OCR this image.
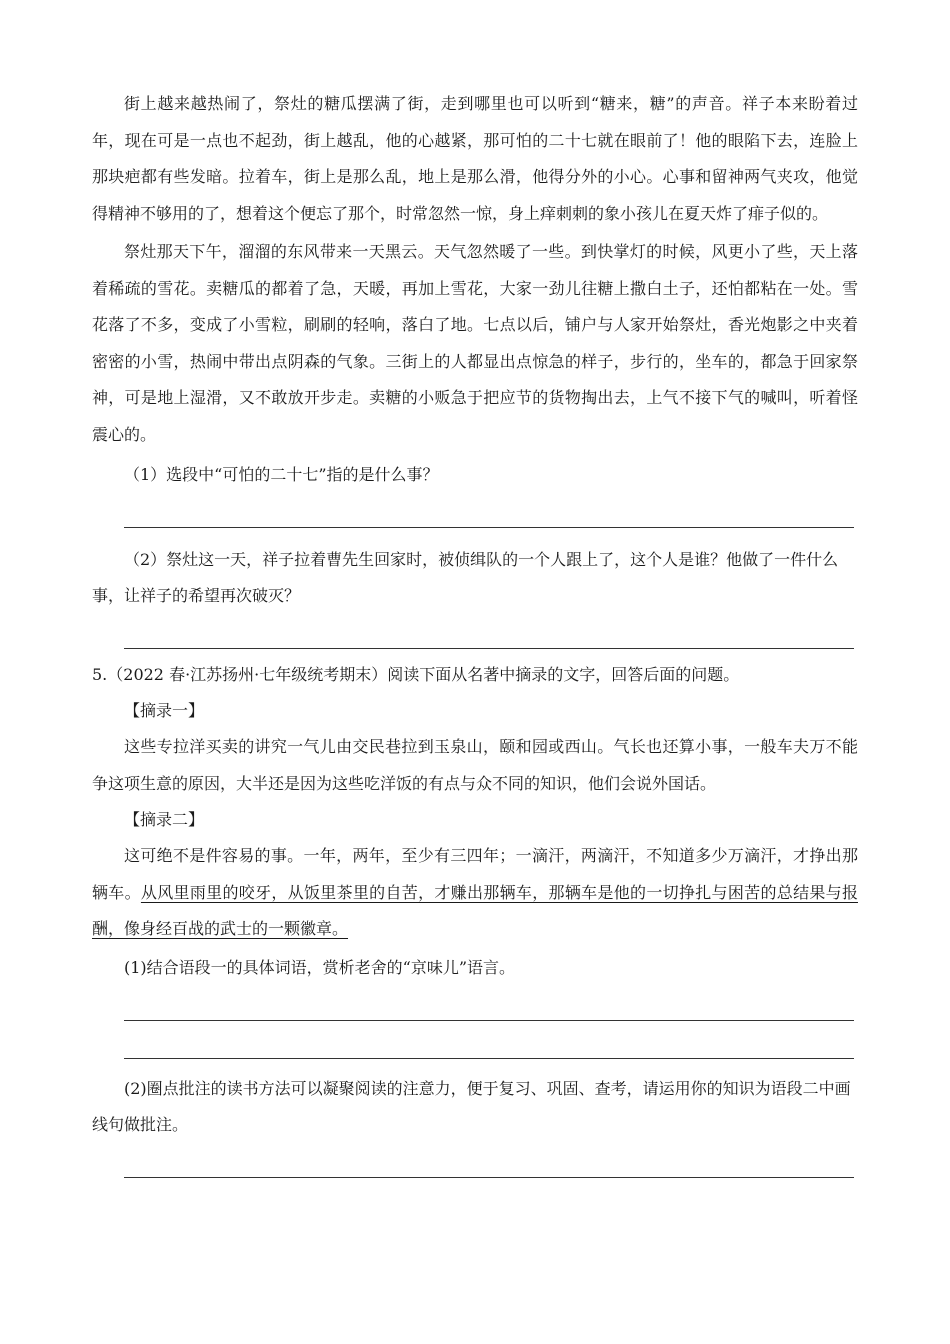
街上越来越热闹了，祭灶的糖瓜摆满了街，走到哪里也可以听到“糖来，糖”的声音。祥子本来盼着过年，现在可是一点也不起劲，街上越乱，他的心越紧，那可怕的二十七就在眼前了！他的眼陷下去，连脸上那块疤都有些发暗。拉着车，街上是那么乱，地上是那么滑，他得分外的小心。心事和留神两气夹攻，他觉得精神不够用的了，想着这个便忘了那个，时常忽然一惊，身上痒刺刺的象小孩儿在夏天炸了痱子似的。

祭灶那天下午，溜溜的东风带来一天黑云。天气忽然暖了一些。到快掌灯的时候，风更小了些，天上落着稀疏的雪花。卖糖瓜的都着了急，天暖，再加上雪花，大家一劲儿往糖上撒白土子，还怕都粘在一处。雪花落了不多，变成了小雪粒，刷刷的轻响，落白了地。七点以后，铺户与人家开始祭灶，香光炮影之中夹着密密的小雪，热闹中带出点阴森的气象。三街上的人都显出点惊急的样子，步行的，坐车的，都急于回家祭神，可是地上湿滑，又不敢放开步走。卖糖的小贩急于把应节的货物掏出去，上气不接下气的喊叫，听着怪震心的。

（1）选段中“可怕的二十七”指的是什么事？

（2）祭灶这一天，祥子拉着曹先生回家时，被侦缉队的一个人跟上了，这个人是谁？他做了一件什么事，让祥子的希望再次破灭？

5.（2022 春·江苏扬州·七年级统考期末）阅读下面从名著中摘录的文字，回答后面的问题。

【摘录一】

这些专拉洋买卖的讲究一气儿由交民巷拉到玉泉山，颐和园或西山。气长也还算小事，一般车夫万不能争这项生意的原因，大半还是因为这些吃洋饭的有点与众不同的知识，他们会说外国话。

【摘录二】

这可绝不是件容易的事。一年，两年，至少有三四年；一滴汗，两滴汗，不知道多少万滴汗，才挣出那辆车。从风里雨里的咬牙，从饭里茶里的自苦，才赚出那辆车，那辆车是他的一切挣扎与困苦的总结果与报酬，像身经百战的武士的一颗徽章。

(1)结合语段一的具体词语，赏析老舍的“京味儿”语言。

(2)圈点批注的读书方法可以凝聚阅读的注意力，便于复习、巩固、查考，请运用你的知识为语段二中画线句做批注。
